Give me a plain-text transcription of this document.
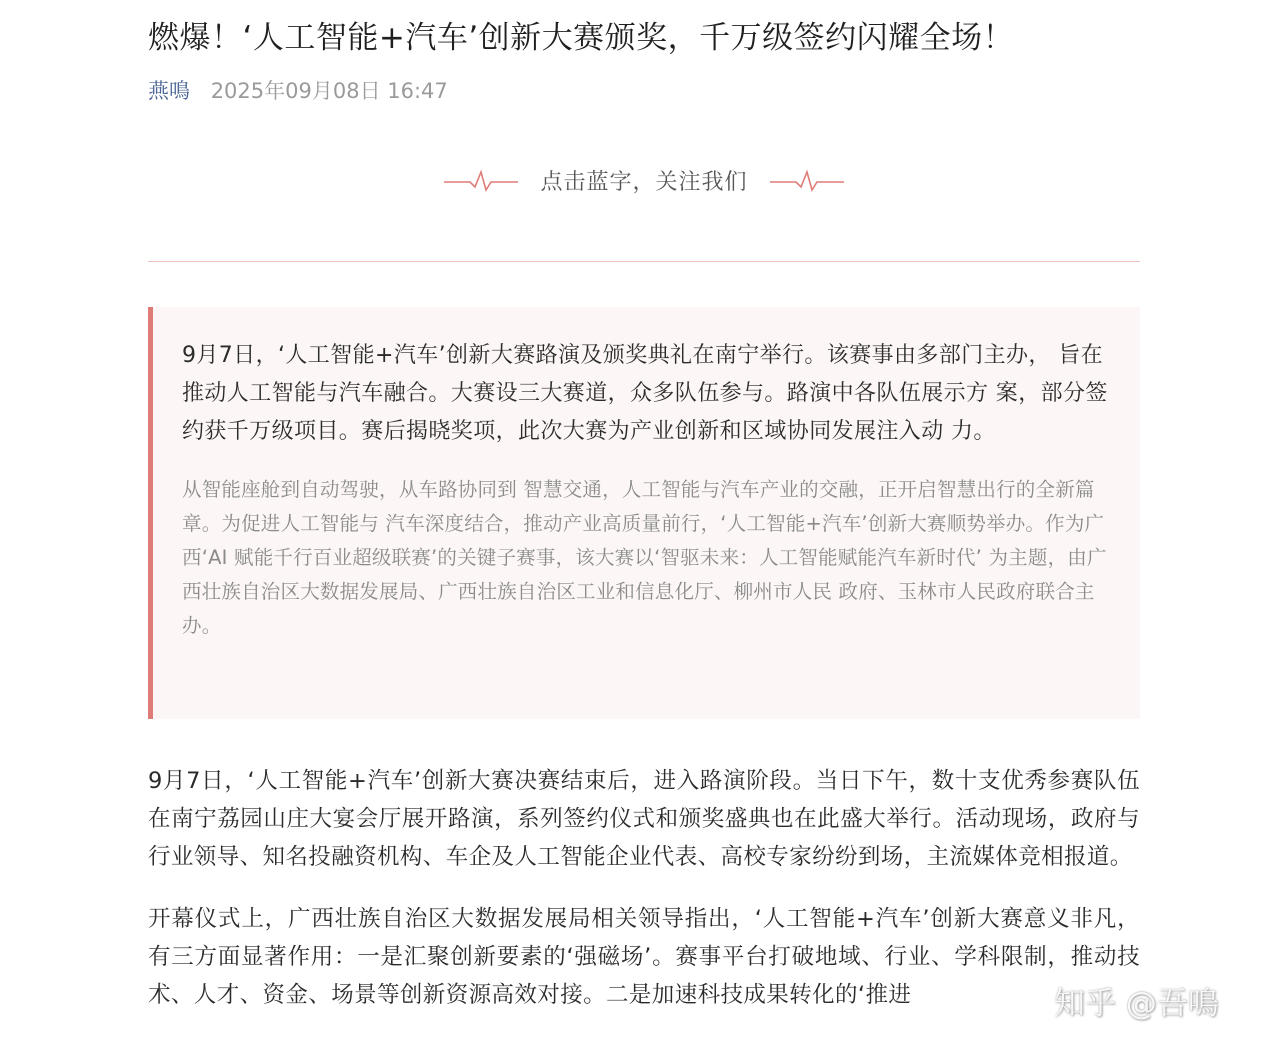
燃爆！‘人工智能+汽车’创新大赛颁奖，千万级签约闪耀全场！
燕鳴 2025年09月08日 16:47
点击蓝字，关注我们

9月7日，‘人工智能+汽车’创新大赛路演及颁奖典礼在南宁举行。该赛事由多部门主办， 旨在推动人工智能与汽车融合。大赛设三大赛道，众多队伍参与。路演中各队伍展示方 案，部分签约获千万级项目。赛后揭晓奖项，此次大赛为产业创新和区域协同发展注入动 力。

从智能座舱到自动驾驶，从车路协同到 智慧交通，人工智能与汽车产业的交融，正开启智慧出行的全新篇章。为促进人工智能与 汽车深度结合，推动产业高质量前行，‘人工智能+汽车’创新大赛顺势举办。作为广西‘AI 赋能千行百业超级联赛’的关键子赛事，该大赛以‘智驱未来：人工智能赋能汽车新时代’ 为主题，由广西壮族自治区大数据发展局、广西壮族自治区工业和信息化厅、柳州市人民 政府、玉林市人民政府联合主办。

9月7日，‘人工智能+汽车’创新大赛决赛结束后，进入路演阶段。当日下午，数十支优秀参赛队伍在南宁荔园山庄大宴会厅展开路演，系列签约仪式和颁奖盛典也在此盛大举行。活动现场，政府与行业领导、知名投融资机构、车企及人工智能企业代表、高校专家纷纷到场，主流媒体竞相报道。

开幕仪式上，广西壮族自治区大数据发展局相关领导指出，‘人工智能+汽车’创新大赛意义非凡，有三方面显著作用：一是汇聚创新要素的‘强磁场’。赛事平台打破地域、行业、学科限制，推动技术、人才、资金、场景等创新资源高效对接。二是加速科技成果转化的‘推进	知乎 @吾鳴
